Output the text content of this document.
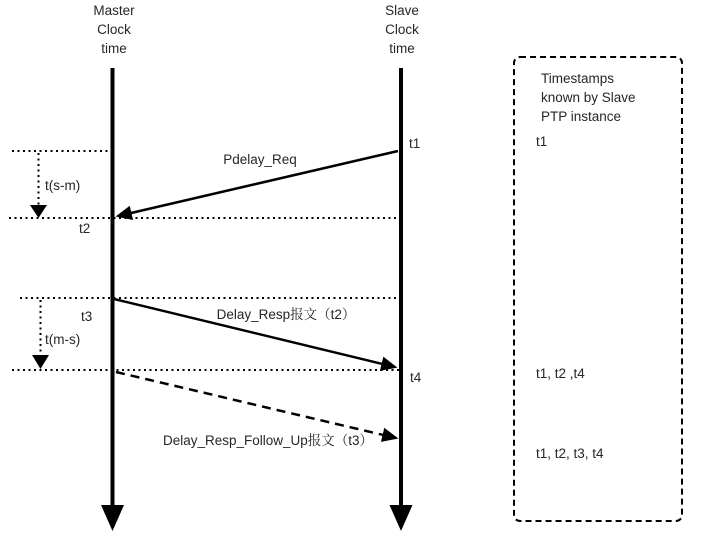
Master
Clock
time
Slave
Clock
time
Pdelay_Req
Delay_Resp报文（t2）
Delay_Resp_Follow_Up报文（t3）
t1
t2
t3
t4
t(s-m)
t(m-s)
Timestamps
known by Slave
PTP instance
t1
t1, t2 ,t4
t1, t2, t3, t4
